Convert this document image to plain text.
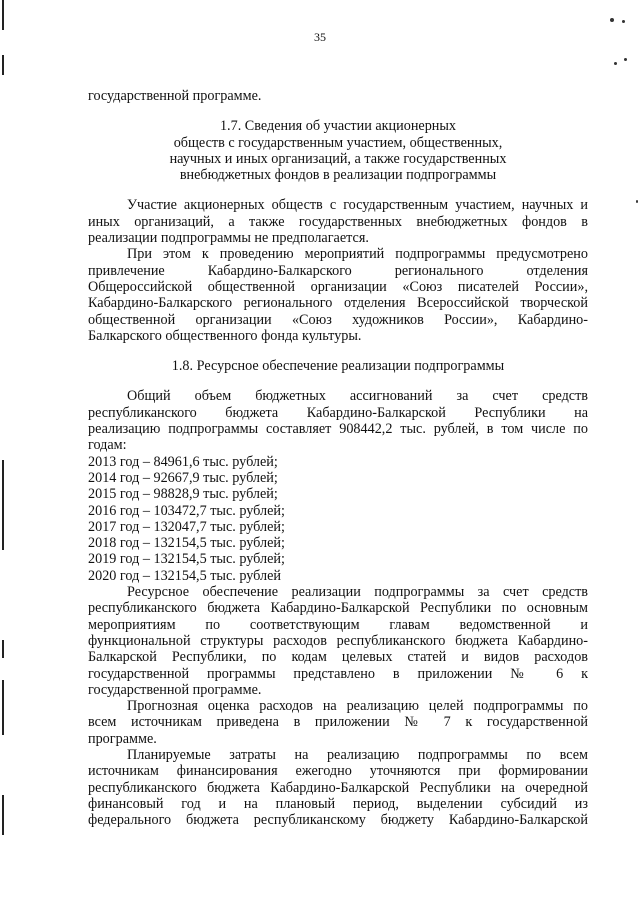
35

государственной программе.

1.7. Сведения об участии акционерных

обществ с государственным участием, общественных,

научных и иных организаций, а также государственных

внебюджетных фондов в реализации подпрограммы

Участие акционерных обществ с государственным участием, научных и

иных организаций, а также государственных внебюджетных фондов в

реализации подпрограммы не предполагается.

При этом к проведению мероприятий подпрограммы предусмотрено

привлечение Кабардино-Балкарского регионального отделения

Общероссийской общественной организации «Союз писателей России»,

Кабардино-Балкарского регионального отделения Всероссийской творческой

общественной организации «Союз художников России», Кабардино-

Балкарского общественного фонда культуры.

1.8. Ресурсное обеспечение реализации подпрограммы

Общий объем бюджетных ассигнований за счет средств

республиканского бюджета Кабардино-Балкарской Республики на

реализацию подпрограммы составляет 908442,2 тыс. рублей, в том числе по

годам:

2013 год – 84961,6 тыс. рублей;

2014 год – 92667,9 тыс. рублей;

2015 год – 98828,9 тыс. рублей;

2016 год – 103472,7 тыс. рублей;

2017 год – 132047,7 тыс. рублей;

2018 год – 132154,5 тыс. рублей;

2019 год – 132154,5 тыс. рублей;

2020 год – 132154,5 тыс. рублей

Ресурсное обеспечение реализации подпрограммы за счет средств

республиканского бюджета Кабардино-Балкарской Республики по основным

мероприятиям по соответствующим главам ведомственной и

функциональной структуры расходов республиканского бюджета Кабардино-

Балкарской Республики, по кодам целевых статей и видов расходов

государственной программы представлено в приложении № 6 к

государственной программе.

Прогнозная оценка расходов на реализацию целей подпрограммы по

всем источникам приведена в приложении № 7 к государственной

программе.

Планируемые затраты на реализацию подпрограммы по всем

источникам финансирования ежегодно уточняются при формировании

республиканского бюджета Кабардино-Балкарской Республики на очередной

финансовый год и на плановый период, выделении субсидий из

федерального бюджета республиканскому бюджету Кабардино-Балкарской
